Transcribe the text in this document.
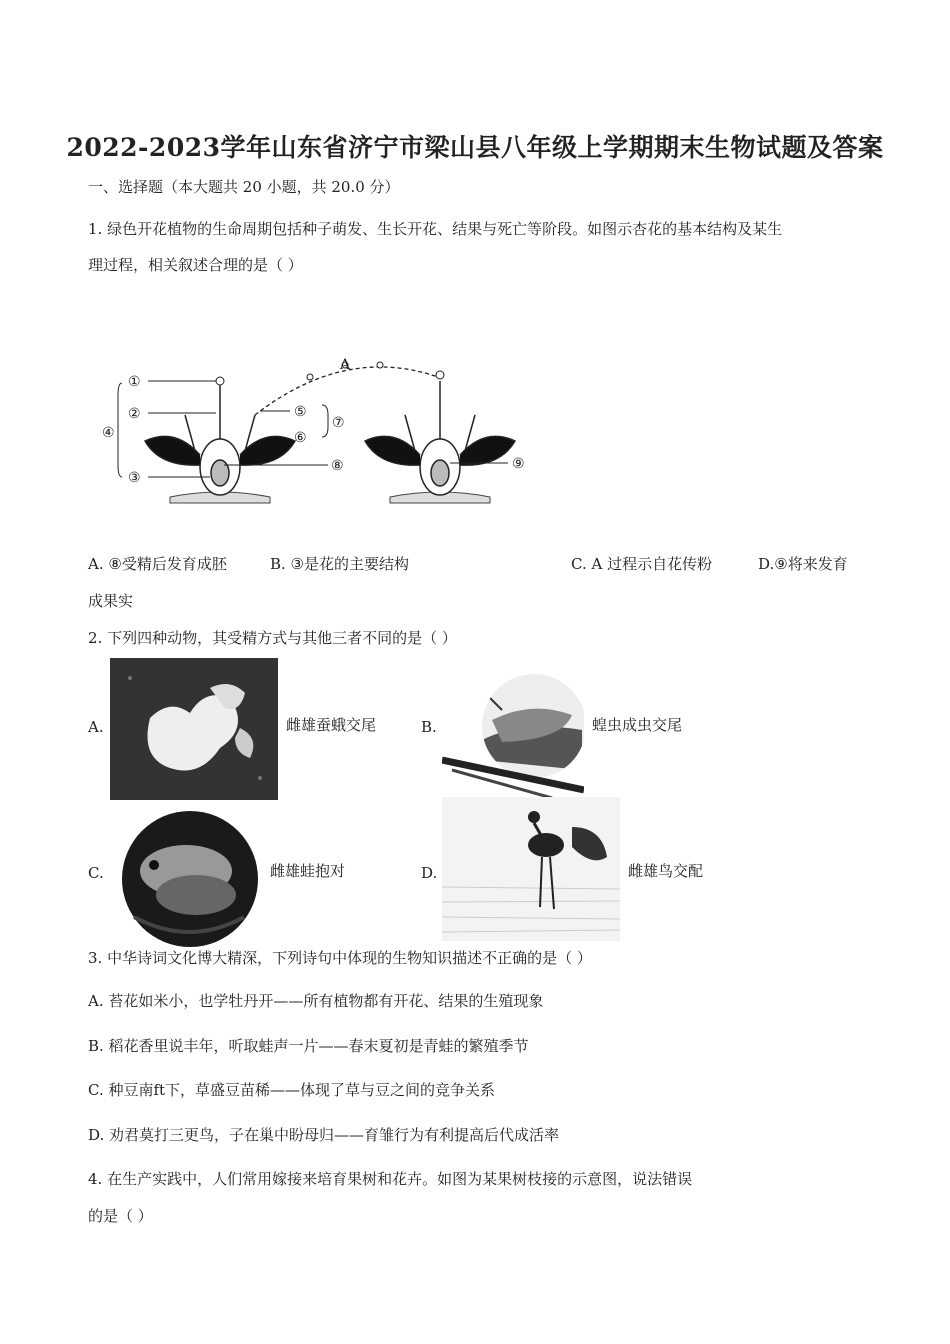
2022-2023学年山东省济宁市梁山县八年级上学期期末生物试题及答案
一、选择题（本大题共 20 小题，共 20.0 分）
1. 绿色开花植物的生命周期包括种子萌发、生长开花、结果与死亡等阶段。如图示杏花的基本结构及某生
理过程，相关叙述合理的是（ ）
①
②
③
④
⑤
⑥
⑦
⑧	⑨
A
A. ⑧受精后发育成胚	B. ③是花的主要结构	C. A 过程示自花传粉	D.⑨将来发育
成果实
2. 下列四种动物，其受精方式与其他三者不同的是（ ）
A.	雌雄蚕蛾交尾	B.	蝗虫成虫交尾
C.	雌雄蛙抱对	D.	雌雄鸟交配
3. 中华诗词文化博大精深，下列诗句中体现的生物知识描述不正确的是（ ）
A. 苔花如米小，也学牡丹开——所有植物都有开花、结果的生殖现象
B. 稻花香里说丰年，听取蛙声一片——春末夏初是青蛙的繁殖季节
C. 种豆南ft下，草盛豆苗稀——体现了草与豆之间的竞争关系
D. 劝君莫打三更鸟，子在巢中盼母归——育雏行为有利提高后代成活率
4. 在生产实践中，人们常用嫁接来培育果树和花卉。如图为某果树枝接的示意图，说法错误
的是（ ）
